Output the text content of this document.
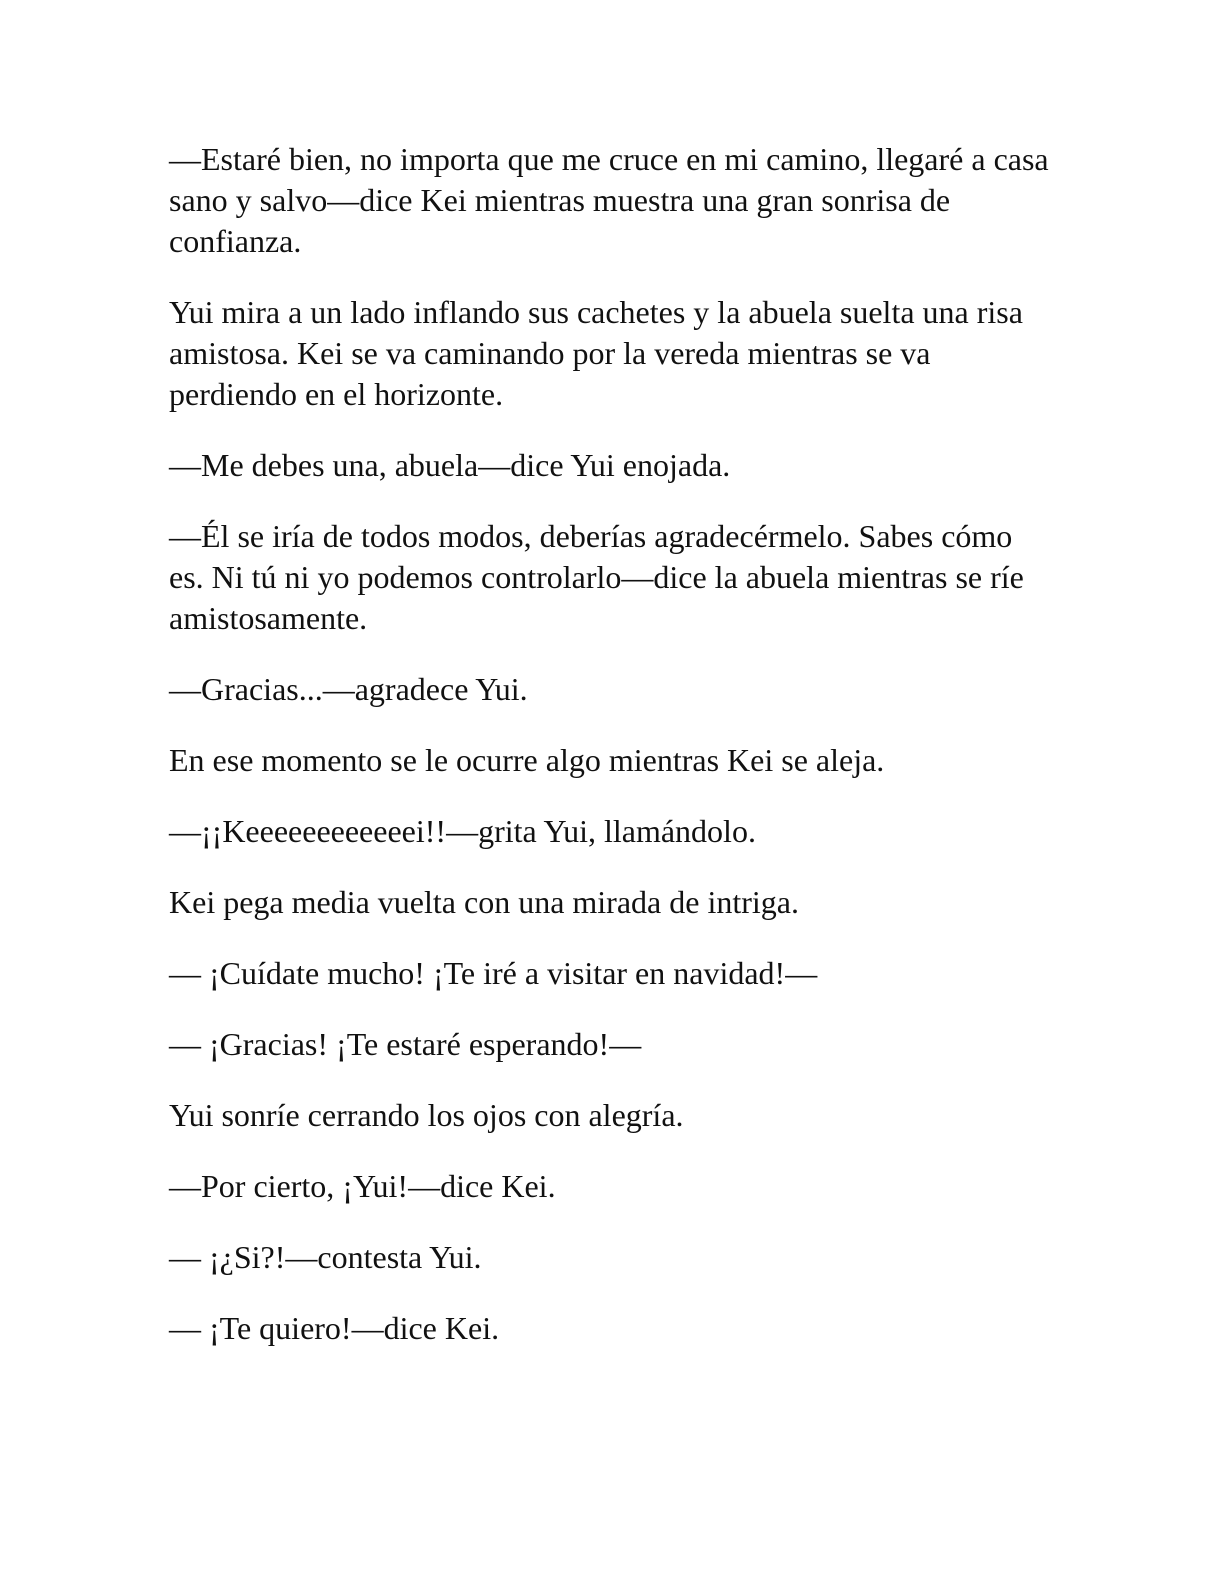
—Estaré bien, no importa que me cruce en mi camino, llegaré a casa sano y salvo—dice Kei mientras muestra una gran sonrisa de confianza.

Yui mira a un lado inflando sus cachetes y la abuela suelta una risa amistosa. Kei se va caminando por la vereda mientras se va perdiendo en el horizonte.

—Me debes una, abuela—dice Yui enojada.

—Él se iría de todos modos, deberías agradecérmelo. Sabes cómo es. Ni tú ni yo podemos controlarlo—dice la abuela mientras se ríe amistosamente.

—Gracias...—agradece Yui.

En ese momento se le ocurre algo mientras Kei se aleja.

—¡¡Keeeeeeeeeeeei!!—grita Yui, llamándolo.

Kei pega media vuelta con una mirada de intriga.

— ¡Cuídate mucho! ¡Te iré a visitar en navidad!—

— ¡Gracias! ¡Te estaré esperando!—

Yui sonríe cerrando los ojos con alegría.

—Por cierto, ¡Yui!—dice Kei.

— ¡¿Si?!—contesta Yui.

— ¡Te quiero!—dice Kei.
